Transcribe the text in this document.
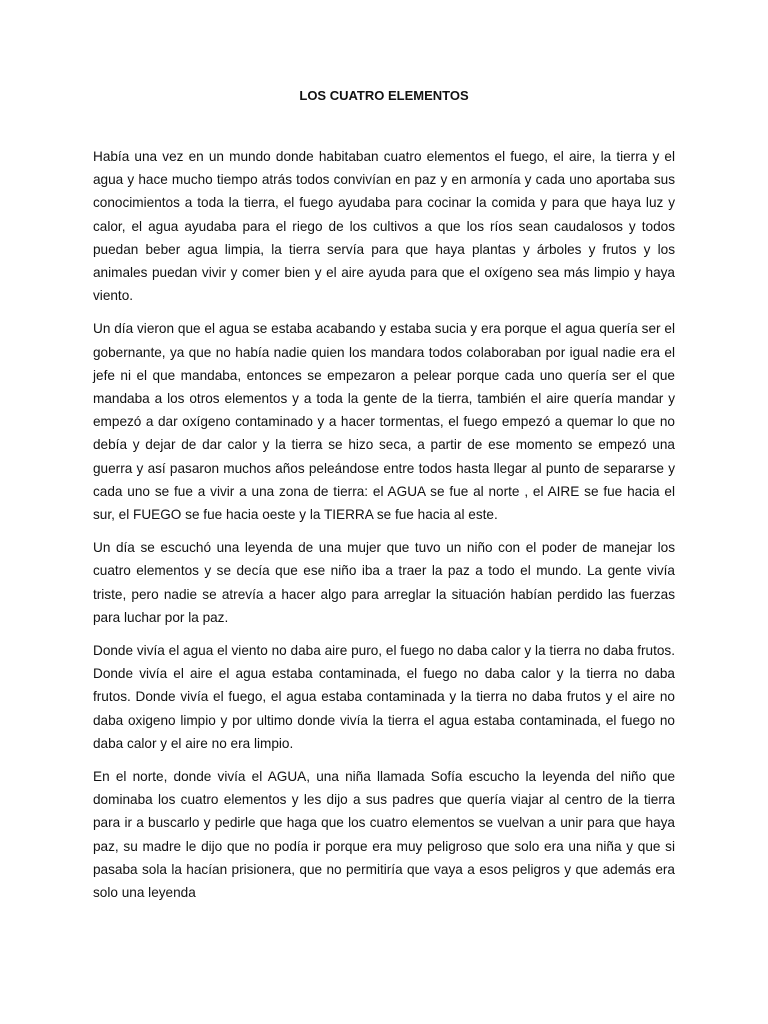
LOS CUATRO ELEMENTOS

Había una vez en un mundo donde habitaban cuatro elementos el fuego, el aire, la tierra y el agua y hace mucho tiempo atrás todos convivían en paz y en armonía y cada uno aportaba sus conocimientos a toda la tierra, el fuego ayudaba para cocinar la comida y para que haya luz y calor, el agua ayudaba para el riego de los cultivos a que los ríos sean caudalosos y todos puedan beber agua limpia, la tierra servía para que haya plantas y árboles y frutos y los animales puedan vivir y comer bien y el aire ayuda para que el oxígeno sea más limpio y haya viento.

Un día vieron que el agua se estaba acabando y estaba sucia y era porque el agua quería ser el gobernante, ya que no había nadie quien los mandara todos colaboraban por igual nadie era el jefe ni el que mandaba, entonces se empezaron a pelear porque cada uno quería ser el que mandaba a los otros elementos y a toda la gente de la tierra, también el aire quería mandar y empezó a dar oxígeno contaminado y a hacer tormentas, el fuego empezó a quemar lo que no debía y dejar de dar calor y la tierra se hizo seca, a partir de ese momento se empezó una guerra y así pasaron muchos años peleándose entre todos hasta llegar al punto de separarse y cada uno se fue a vivir a una zona de tierra: el AGUA se fue al norte , el AIRE se fue hacia el sur, el FUEGO se fue hacia oeste y la TIERRA se fue hacia al este.

Un día se escuchó una leyenda de una mujer que tuvo un niño con el poder de manejar los cuatro elementos y se decía que ese niño iba a traer la paz a todo el mundo. La gente vivía triste, pero nadie se atrevía a hacer algo para arreglar la situación habían perdido las fuerzas para luchar por la paz.

Donde vivía el agua el viento no daba aire puro, el fuego no daba calor y la tierra no daba frutos. Donde vivía el aire el agua estaba contaminada, el fuego no daba calor y la tierra no daba frutos. Donde vivía el fuego, el agua estaba contaminada y la tierra no daba frutos y el aire no daba oxigeno limpio y por ultimo donde vivía la tierra el agua estaba contaminada, el fuego no daba calor y el aire no era limpio.

En el norte, donde vivía el AGUA, una niña llamada Sofía escucho la leyenda del niño que dominaba los cuatro elementos y les dijo a sus padres que quería viajar al centro de la tierra para ir a buscarlo y pedirle que haga que los cuatro elementos se vuelvan a unir para que haya paz, su madre le dijo que no podía ir porque era muy peligroso que solo era una niña y que si pasaba sola la hacían prisionera, que no permitiría que vaya a esos peligros y que además era solo una leyenda
